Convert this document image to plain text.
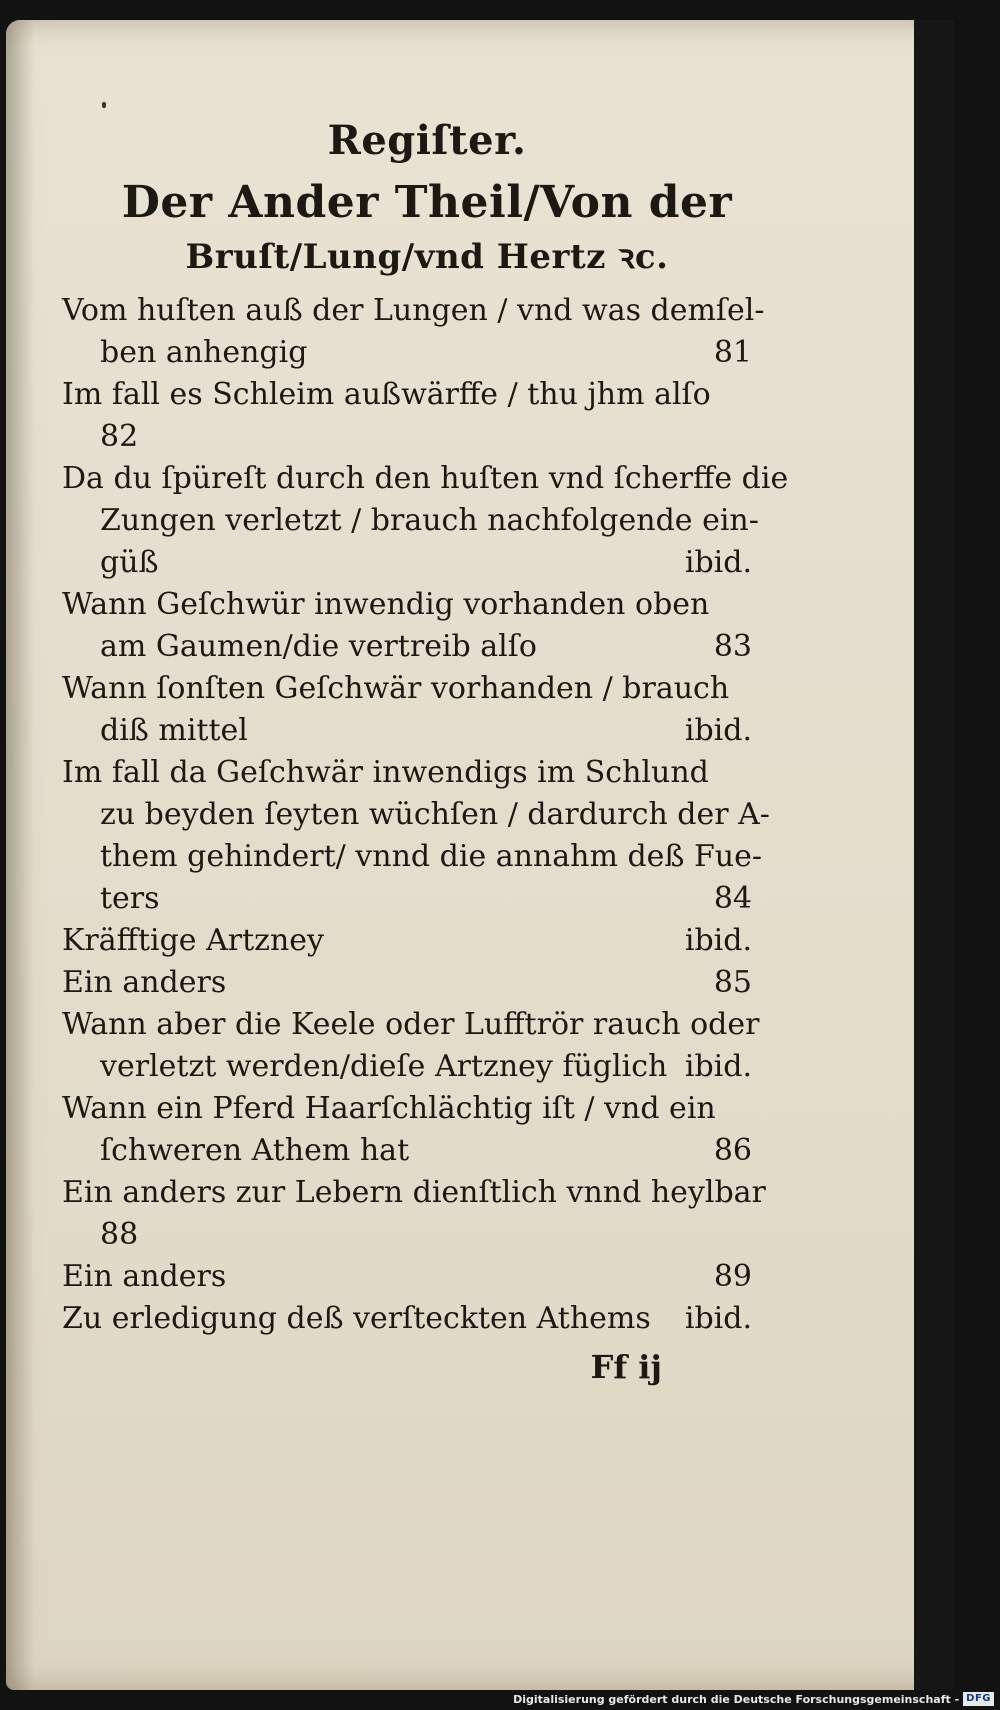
Regiſter.

Der Ander Theil/Von der

Bruſt/Lung/vnd Hertz ꝛc.

Vom huſten auß der Lungen / vnd was demſel-
ben anhengig	81
Im fall es Schleim außwärffe / thu jhm alſo
82
Da du ſpüreſt durch den huſten vnd ſcherffe die
Zungen verletzt / brauch nachfolgende ein-
güß	ibid.
Wann Geſchwür inwendig vorhanden oben
am Gaumen/die vertreib alſo	83
Wann ſonſten Geſchwär vorhanden / brauch
diß mittel	ibid.
Im fall da Geſchwär inwendigs im Schlund
zu beyden ſeyten wüchſen / dardurch der A-
them gehindert/ vnnd die annahm deß Fue-
ters	84
Kräfftige Artzney	ibid.
Ein anders	85
Wann aber die Keele oder Lufftrör rauch oder
verletzt werden/dieſe Artzney füglich ibid.
Wann ein Pferd Haarſchlächtig iſt / vnd ein
ſchweren Athem hat	86
Ein anders zur Lebern dienſtlich vnnd heylbar
88
Ein anders	89
Zu erledigung deß verſteckten Athems ibid.
Ff ij
Digitalisierung gefördert durch die Deutsche Forschungsgemeinschaft - DFG
